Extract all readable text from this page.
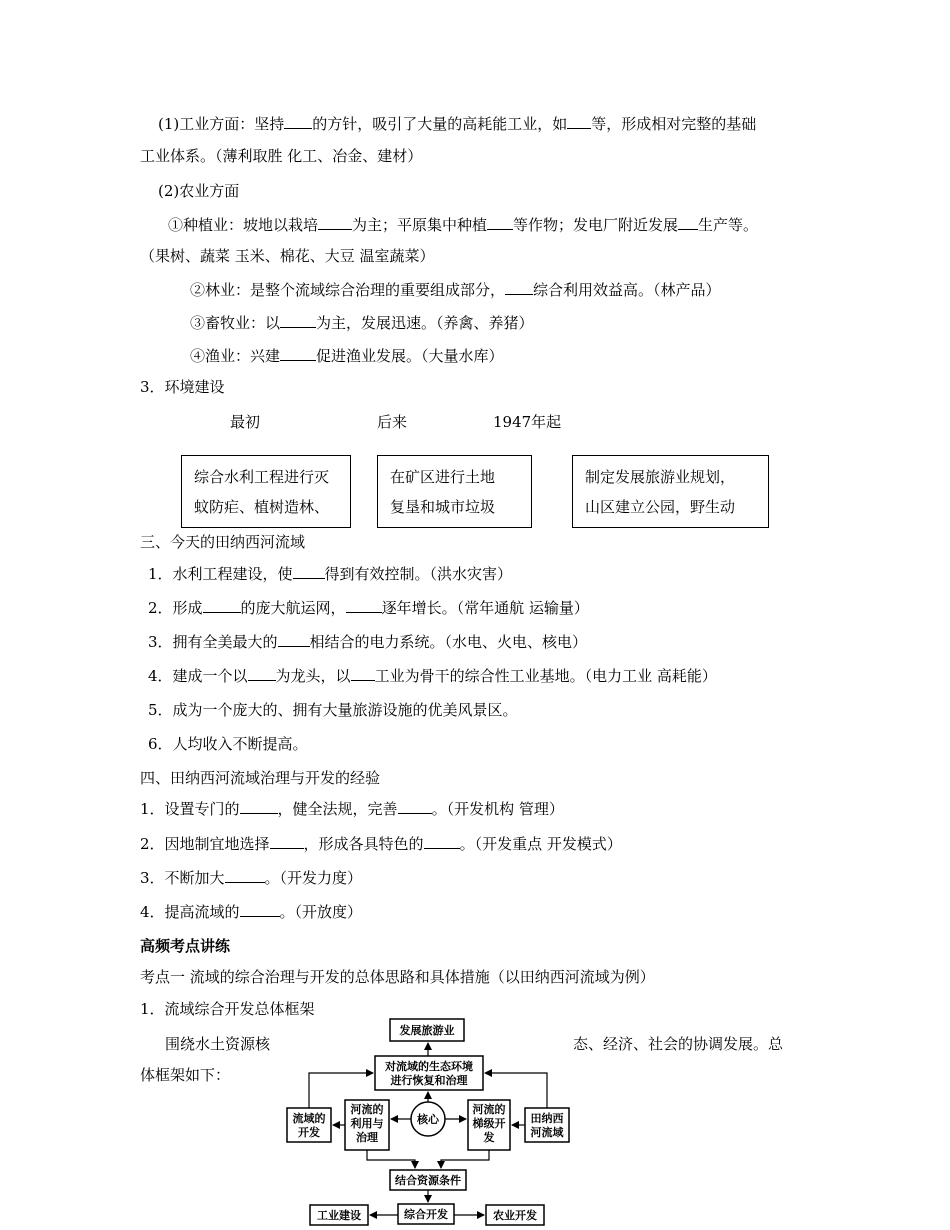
(1)工业方面：坚持 的方针，吸引了大量的高耗能工业，如 等，形成相对完整的基础
工业体系。（薄利取胜 化工、冶金、建材）
(2)农业方面
①种植业：坡地以栽培 为主；平原集中种植 等作物；发电厂附近发展 生产等。
（果树、蔬菜 玉米、棉花、大豆 温室蔬菜）
②林业：是整个流域综合治理的重要组成部分， 综合利用效益高。（林产品）
③畜牧业：以 为主，发展迅速。（养禽、养猪）
④渔业：兴建 促进渔业发展。（大量水库）
3．环境建设
最初	后来	1947年起
综合水利工程进行灭
蚊防疟、植树造林、
在矿区进行土地
复垦和城市垃圾
制定发展旅游业规划，
山区建立公园，野生动
三、今天的田纳西河流域
1．水利工程建设，使 得到有效控制。（洪水灾害）
2．形成	的庞大航运网， 逐年增长。（常年通航 运输量）
3．拥有全美最大的 相结合的电力系统。（水电、火电、核电）
4．建成一个以 为龙头，以 工业为骨干的综合性工业基地。（电力工业 高耗能）
5．成为一个庞大的、拥有大量旅游设施的优美风景区。
6．人均收入不断提高。
四、田纳西河流域治理与开发的经验
1．设置专门的	，健全法规，完善 。（开发机构 管理）
2．因地制宜地选择 ，形成各具特色的 。（开发重点 开发模式）
3．不断加大	。（开发力度）
4．提高流域的	。（开放度）
高频考点讲练
考点一 流域的综合治理与开发的总体思路和具体措施（以田纳西河流域为例）
1．流域综合开发总体框架
围绕水土资源核	态、经济、社会的协调发展。总
体框架如下：
发展旅游业
对流域的生态环境
进行恢复和治理
流域的
开发
河流的
利用与
治理
核心
河流的
梯级开
发
田纳西
河流域
结合资源条件
工业建设	综合开发	农业开发
